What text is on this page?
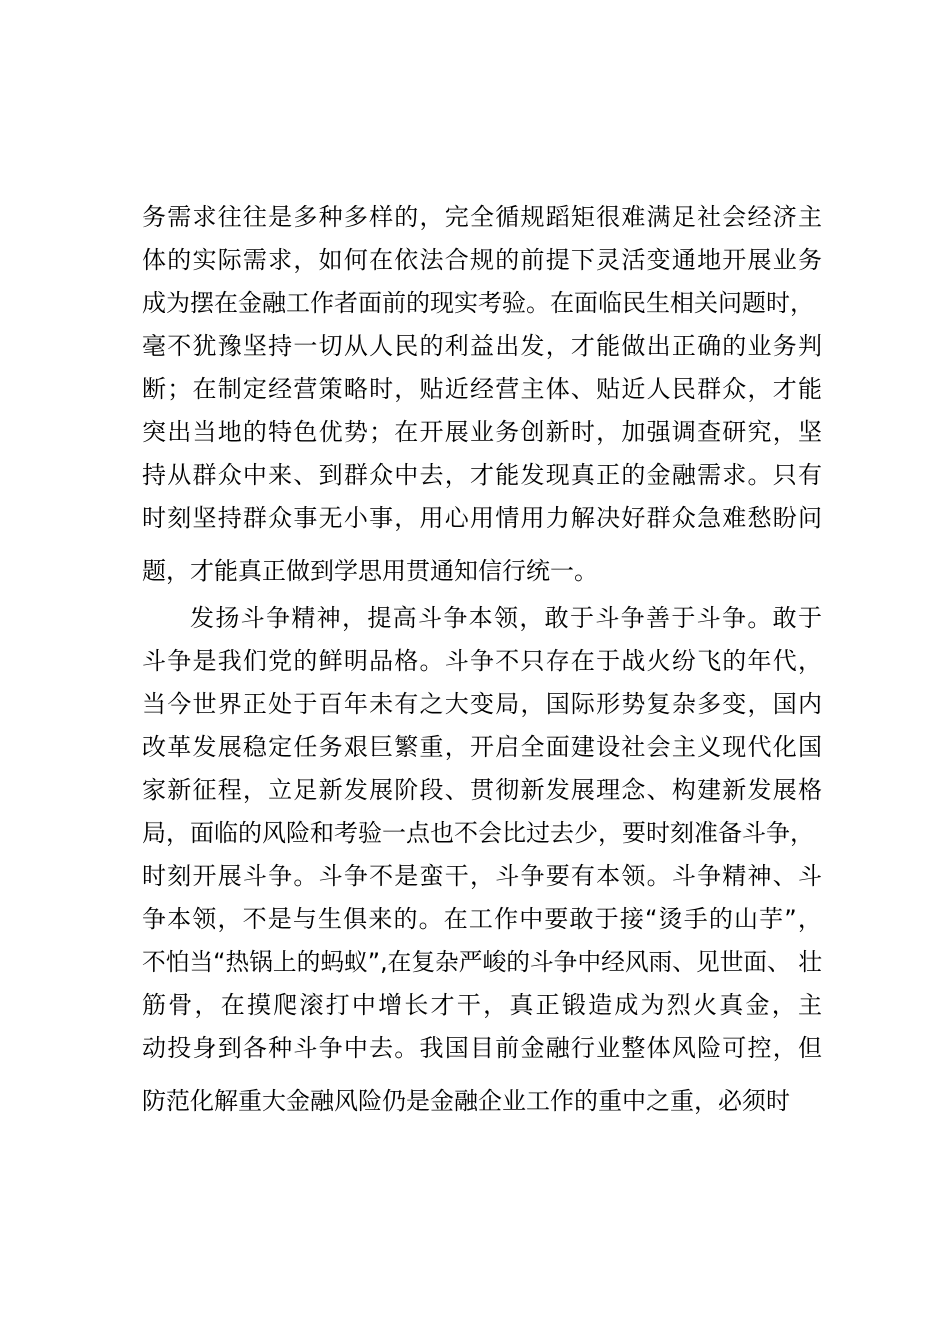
务需求往往是多种多样的，完全循规蹈矩很难满足社会经济主
体的实际需求，如何在依法合规的前提下灵活变通地开展业务
成为摆在金融工作者面前的现实考验。在面临民生相关问题时，
毫不犹豫坚持一切从人民的利益出发，才能做出正确的业务判
断；在制定经营策略时，贴近经营主体、贴近人民群众，才能
突出当地的特色优势；在开展业务创新时，加强调查研究，坚
持从群众中来、到群众中去，才能发现真正的金融需求。只有
时刻坚持群众事无小事，用心用情用力解决好群众急难愁盼问
题，才能真正做到学思用贯通知信行统一。
发扬斗争精神，提高斗争本领，敢于斗争善于斗争。敢于
斗争是我们党的鲜明品格。斗争不只存在于战火纷飞的年代，
当今世界正处于百年未有之大变局，国际形势复杂多变，国内
改革发展稳定任务艰巨繁重，开启全面建设社会主义现代化国
家新征程，立足新发展阶段、贯彻新发展理念、构建新发展格
局，面临的风险和考验一点也不会比过去少，要时刻准备斗争，
时刻开展斗争。斗争不是蛮干，斗争要有本领。斗争精神、斗
争本领，不是与生俱来的。在工作中要敢于接“烫手的山芋”，
不怕当“热锅上的蚂蚁”,在复杂严峻的斗争中经风雨、见世面、 壮
筋骨，在摸爬滚打中增长才干，真正锻造成为烈火真金，主
动投身到各种斗争中去。我国目前金融行业整体风险可控，但
防范化解重大金融风险仍是金融企业工作的重中之重，必须时
